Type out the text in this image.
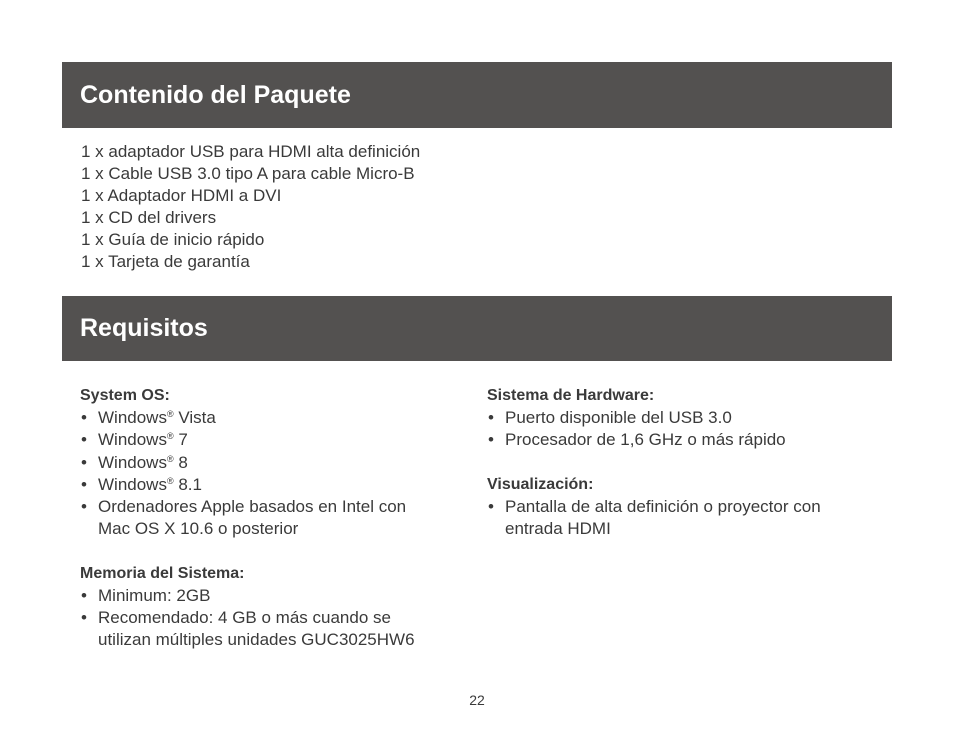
Contenido del Paquete
1 x adaptador USB para HDMI alta definición
1 x Cable USB 3.0 tipo A para cable Micro-B
1 x Adaptador HDMI a DVI
1 x CD del drivers
1 x Guía de inicio rápido
1 x Tarjeta de garantía
Requisitos

System OS:

• Windows® Vista
• Windows® 7
• Windows® 8
• Windows® 8.1
• Ordenadores Apple basados en Intel con
Mac OS X 10.6 o posterior

Memoria del Sistema:

• Minimum: 2GB
• Recomendado: 4 GB o más cuando se
utilizan múltiples unidades GUC3025HW6

Sistema de Hardware:

• Puerto disponible del USB 3.0
• Procesador de 1,6 GHz o más rápido

Visualización:

• Pantalla de alta definición o proyector con
entrada HDMI
22
